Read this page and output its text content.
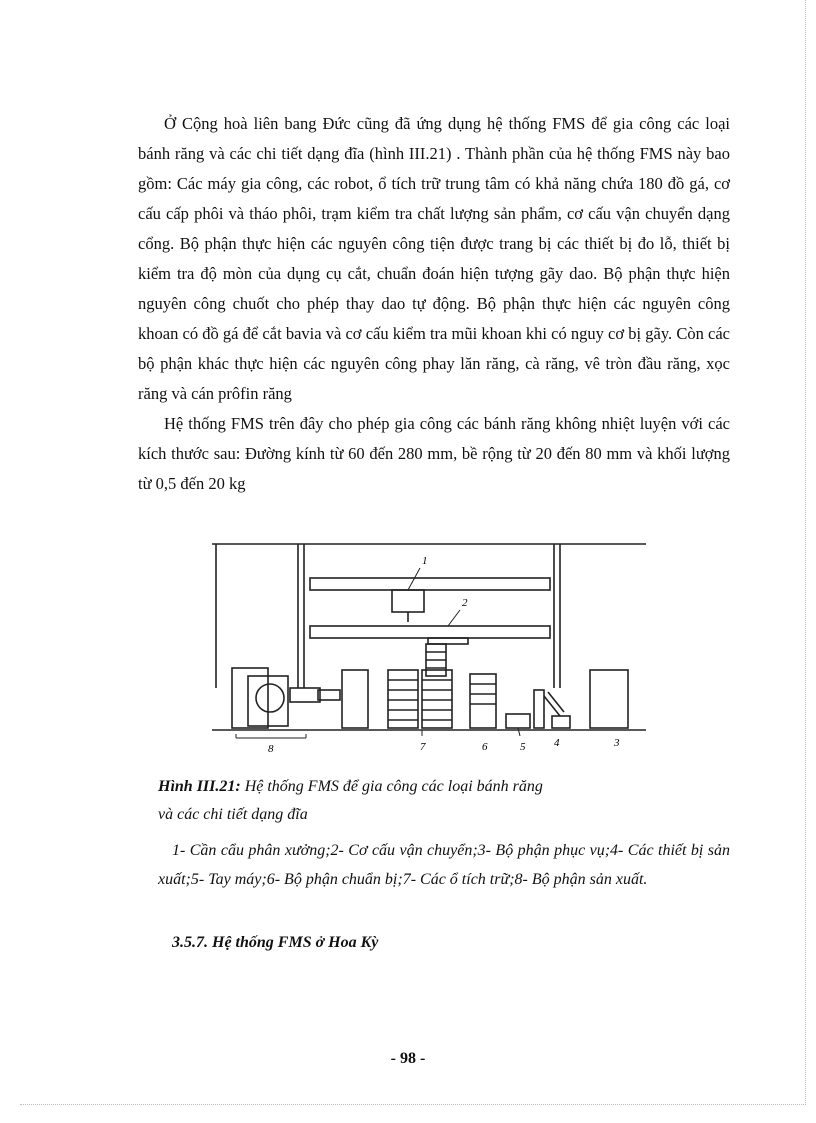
Ở Cộng hoà liên bang Đức cũng đã ứng dụng hệ thống FMS để gia công các loại bánh răng và các chi tiết dạng đĩa (hình III.21) . Thành phần của hệ thống FMS này bao gồm: Các máy gia công, các robot, ổ tích trữ trung tâm có khả năng chứa 180 đồ gá, cơ cấu cấp phôi và tháo phôi, trạm kiểm tra chất lượng sản phẩm, cơ cấu vận chuyển dạng cổng. Bộ phận thực hiện các nguyên công tiện được trang bị các thiết bị đo lỗ, thiết bị kiểm tra độ mòn của dụng cụ cắt, chuẩn đoán hiện tượng gãy dao. Bộ phận thực hiện nguyên công chuốt cho phép thay dao tự động. Bộ phận thực hiện các nguyên công khoan có đồ gá để cắt bavia và cơ cấu kiểm tra mũi khoan khi có nguy cơ bị gãy. Còn các bộ phận khác thực hiện các nguyên công phay lăn răng, cà răng, vê tròn đầu răng, xọc răng và cán prôfin răng

Hệ thống FMS trên đây cho phép gia công các bánh răng không nhiệt luyện với các kích thước sau: Đường kính từ 60 đến 280 mm, bề rộng từ 20 đến 80 mm và khối lượng từ 0,5 đến 20 kg

1
2
8	7	6	5	4	3

Hình III.21: Hệ thống FMS để gia công các loại bánh răng

và các chi tiết dạng đĩa

1- Cần cẩu phân xưởng;2- Cơ cấu vận chuyển;3- Bộ phận phục vụ;4- Các thiết bị sản xuất;5- Tay máy;6- Bộ phận chuẩn bị;7- Các ổ tích trữ;8- Bộ phận sản xuất.

3.5.7. Hệ thống FMS ở Hoa Kỳ

- 98 -
